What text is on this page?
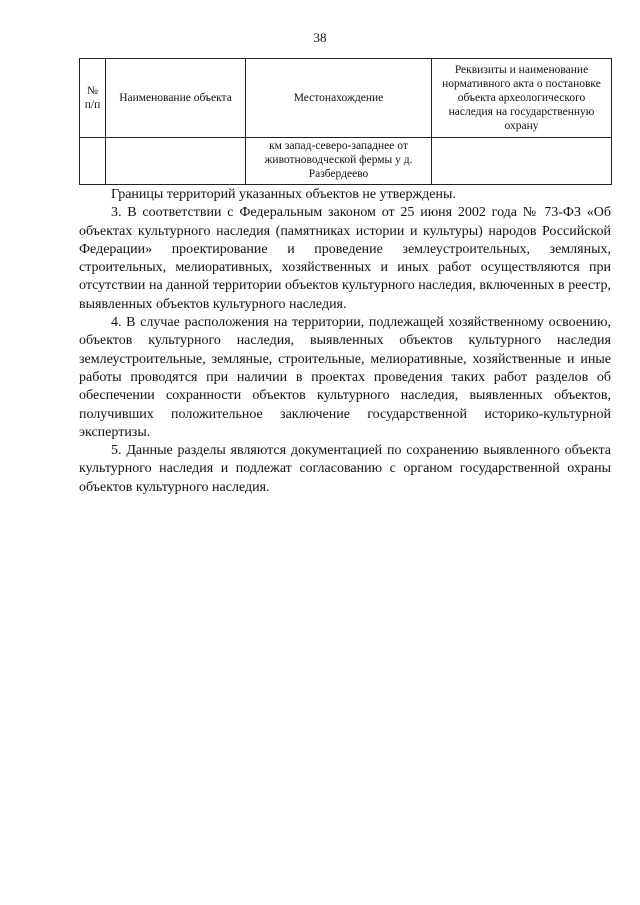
38
№ п/п	Наименование объекта	Местонахождение	Реквизиты и наименование нормативного акта о постановке объекта археологического наследия на государственную охрану
		км запад-северо-западнее от животноводческой фермы у д. Разбердеево	

Границы территорий указанных объектов не утверждены.

3. В соответствии с Федеральным законом от 25 июня 2002 года № 73-ФЗ «Об объектах культурного наследия (памятниках истории и культуры) народов Российской Федерации» проектирование и проведение землеустроительных, земляных, строительных, мелиоративных, хозяйственных и иных работ осуществляются при отсутствии на данной территории объектов культурного наследия, включенных в реестр, выявленных объектов культурного наследия.

4. В случае расположения на территории, подлежащей хозяйственному освоению, объектов культурного наследия, выявленных объектов культурного наследия землеустроительные, земляные, строительные, мелиоративные, хозяйственные и иные работы проводятся при наличии в проектах проведения таких работ разделов об обеспечении сохранности объектов культурного наследия, выявленных объектов, получивших положительное заключение государственной историко-культурной экспертизы.

5. Данные разделы являются документацией по сохранению выявленного объекта культурного наследия и подлежат согласованию с органом государственной охраны объектов культурного наследия.
